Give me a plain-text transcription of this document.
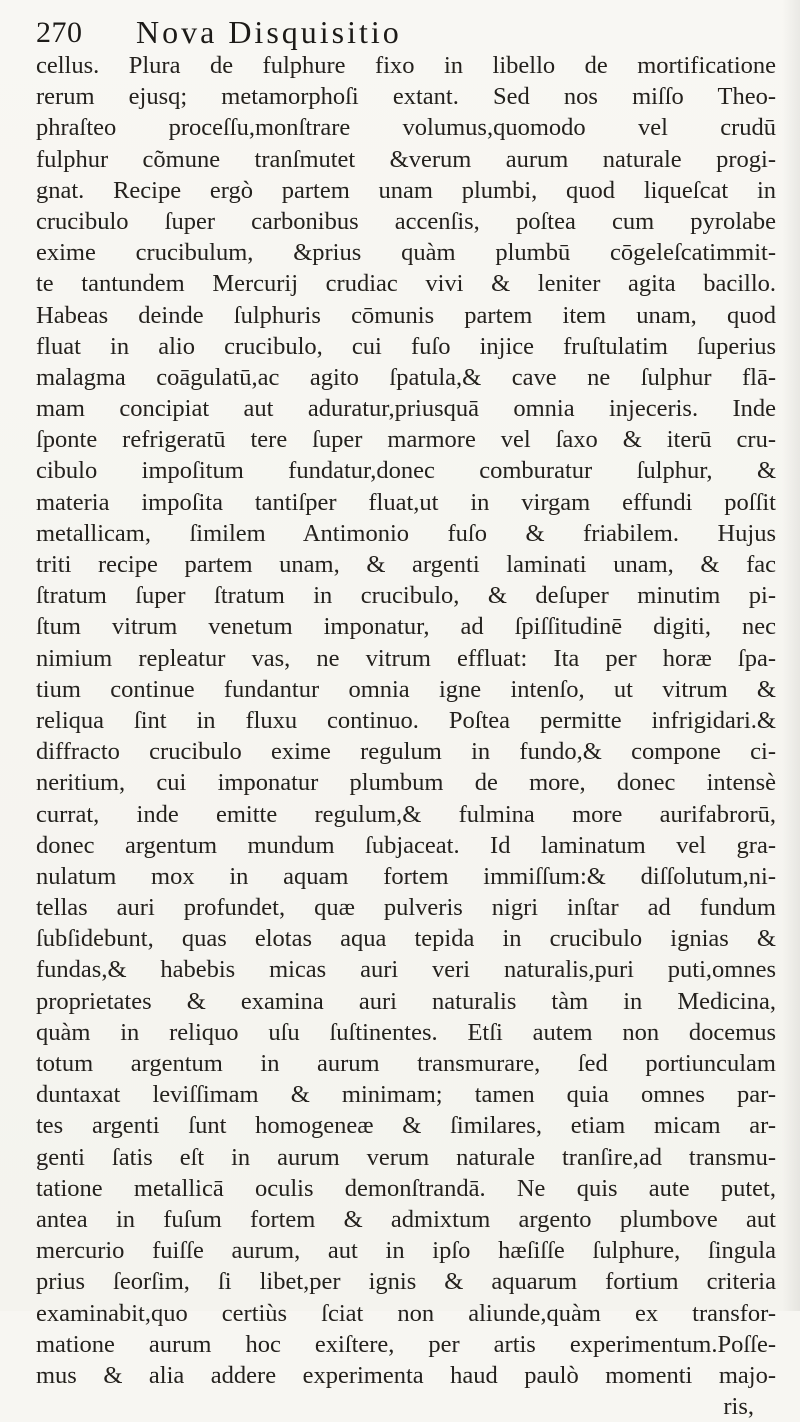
270 Nova Disquisitio
cellus. Plura de fulphure fixo in libello de mortificatione
rerum ejusq; metamorphoſi extant. Sed nos miſſo Theo-
phraſteo proceſſu,monſtrare volumus,quomodo vel crudū
fulphur cõmune tranſmutet &verum aurum naturale progi-
gnat. Recipe ergò partem unam plumbi, quod liqueſcat in
crucibulo ſuper carbonibus accenſis, poſtea cum pyrolabe
exime crucibulum, &prius quàm plumbū cōgeleſcatimmit-
te tantundem Mercurij crudiac vivi & leniter agita bacillo.
Habeas deinde ſulphuris cōmunis partem item unam, quod
fluat in alio crucibulo, cui fuſo injice fruſtulatim ſuperius
malagma coāgulatū,ac agito ſpatula,& cave ne ſulphur flā-
mam concipiat aut aduratur,priusquā omnia injeceris. Inde
ſponte refrigeratū tere ſuper marmore vel ſaxo & iterū cru-
cibulo impoſitum fundatur,donec comburatur ſulphur, &
materia impoſita tantiſper fluat,ut in virgam effundi poſſit
metallicam, ſimilem Antimonio fuſo & friabilem. Hujus
triti recipe partem unam, & argenti laminati unam, & fac
ſtratum ſuper ſtratum in crucibulo, & deſuper minutim pi-
ſtum vitrum venetum imponatur, ad ſpiſſitudinē digiti, nec
nimium repleatur vas, ne vitrum effluat: Ita per horæ ſpa-
tium continue fundantur omnia igne intenſo, ut vitrum &
reliqua ſint in fluxu continuo. Poſtea permitte infrigidari.&
diffracto crucibulo exime regulum in fundo,& compone ci-
neritium, cui imponatur plumbum de more, donec intensè
currat, inde emitte regulum,& fulmina more aurifabrorū,
donec argentum mundum ſubjaceat. Id laminatum vel gra-
nulatum mox in aquam fortem immiſſum:& diſſolutum,ni-
tellas auri profundet, quæ pulveris nigri inſtar ad fundum
ſubſidebunt, quas elotas aqua tepida in crucibulo ignias &
fundas,& habebis micas auri veri naturalis,puri puti,omnes
proprietates & examina auri naturalis tàm in Medicina,
quàm in reliquo uſu ſuſtinentes. Etſi autem non docemus
totum argentum in aurum transmurare, ſed portiunculam
duntaxat leviſſimam & minimam; tamen quia omnes par-
tes argenti ſunt homogeneæ & ſimilares, etiam micam ar-
genti ſatis eſt in aurum verum naturale tranſire,ad transmu-
tatione metallicā oculis demonſtrandā. Ne quis aute putet,
antea in fuſum fortem & admixtum argento plumbove aut
mercurio fuiſſe aurum, aut in ipſo hæſiſſe ſulphure, ſingula
prius ſeorſim, ſi libet,per ignis & aquarum fortium criteria
examinabit,quo certiùs ſciat non aliunde,quàm ex transfor-
matione aurum hoc exiſtere, per artis experimentum.Poſſe-
mus & alia addere experimenta haud paulò momenti majo-
ris,
